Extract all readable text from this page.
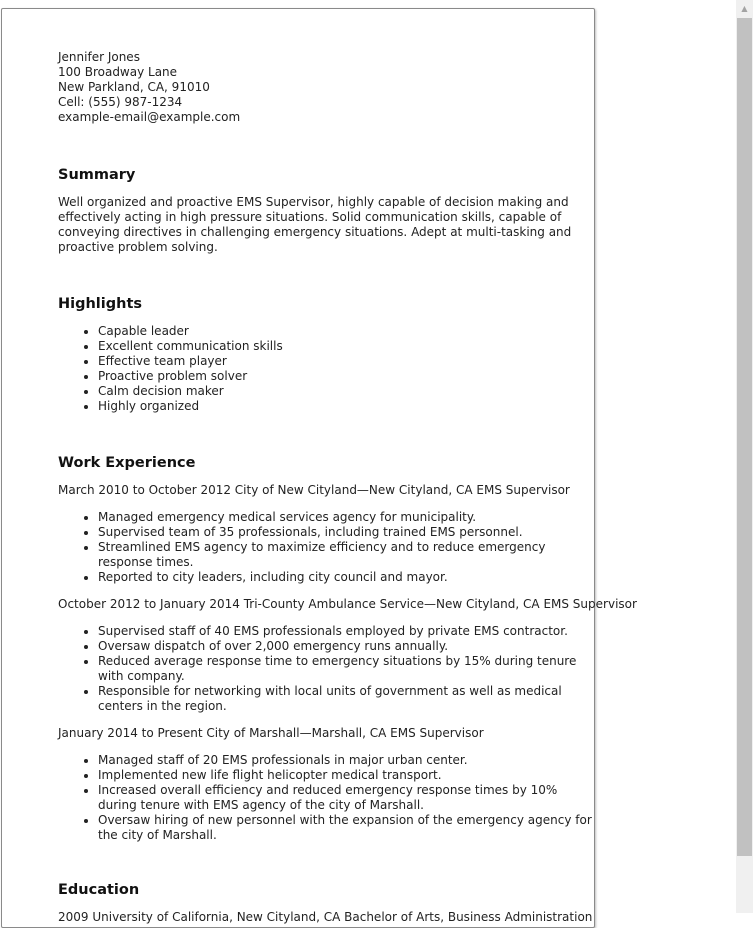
Jennifer Jones
100 Broadway Lane
New Parkland, CA, 91010
Cell: (555) 987-1234
example-email@example.com
Summary

Well organized and proactive EMS Supervisor, highly capable of decision making and effectively acting in high pressure situations. Solid communication skills, capable of conveying directives in challenging emergency situations. Adept at multi-tasking and proactive problem solving.

Highlights
• Capable leader
• Excellent communication skills
• Effective team player
• Proactive problem solver
• Calm decision maker
• Highly organized
Work Experience

March 2010 to October 2012 City of New Cityland—New Cityland, CA EMS Supervisor

• Managed emergency medical services agency for municipality.
• Supervised team of 35 professionals, including trained EMS personnel.
• Streamlined EMS agency to maximize efficiency and to reduce emergency response times.
• Reported to city leaders, including city council and mayor.

October 2012 to January 2014 Tri-County Ambulance Service—New Cityland, CA EMS Supervisor

• Supervised staff of 40 EMS professionals employed by private EMS contractor.
• Oversaw dispatch of over 2,000 emergency runs annually.
• Reduced average response time to emergency situations by 15% during tenure with company.
• Responsible for networking with local units of government as well as medical centers in the region.

January 2014 to Present City of Marshall—Marshall, CA EMS Supervisor

• Managed staff of 20 EMS professionals in major urban center.
• Implemented new life flight helicopter medical transport.
• Increased overall efficiency and reduced emergency response times by 10% during tenure with EMS agency of the city of Marshall.
• Oversaw hiring of new personnel with the expansion of the emergency agency for the city of Marshall.
Education

2009 University of California, New Cityland, CA Bachelor of Arts, Business Administration

▲
